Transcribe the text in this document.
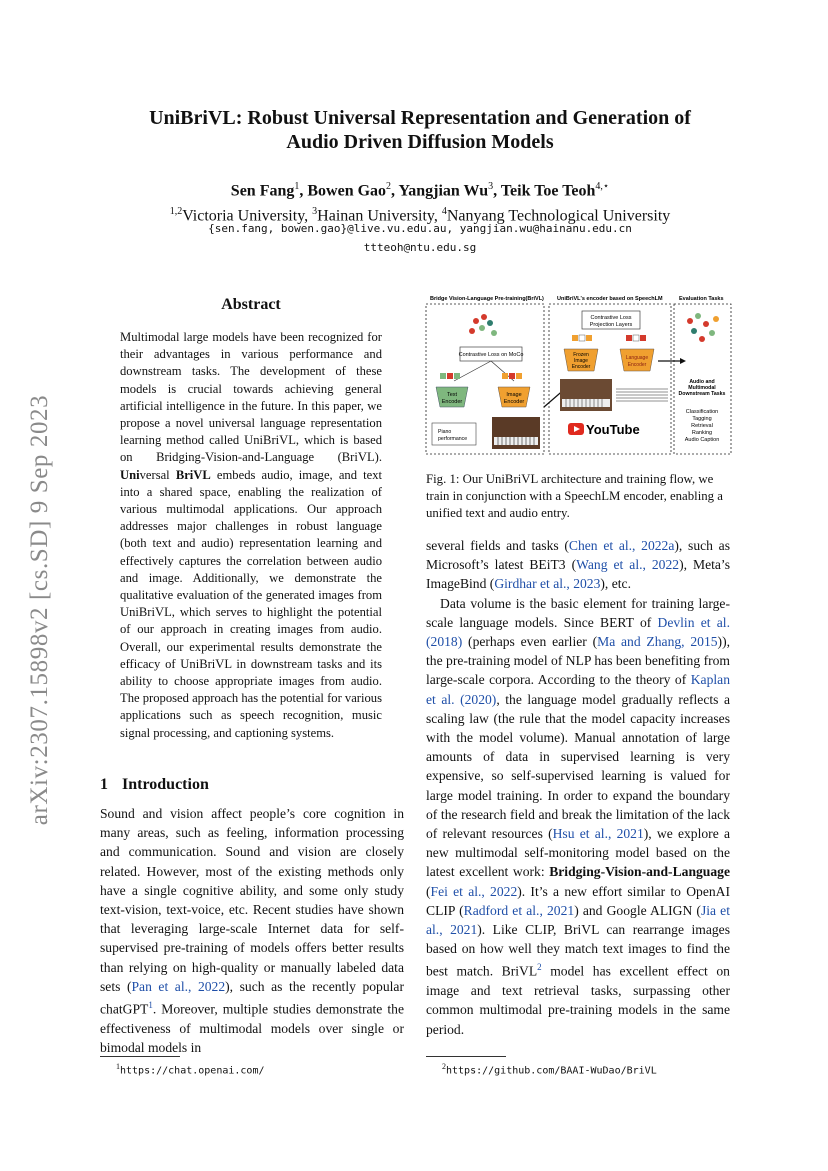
arXiv:2307.15898v2 [cs.SD] 9 Sep 2023
UniBriVL: Robust Universal Representation and Generation of
Audio Driven Diffusion Models
Sen Fang$^1$, Bowen Gao$^2$, Yangjian Wu$^3$, Teik Toe Teoh$^{4,⋆}$
$^{1,2}$Victoria University, $^3$Hainan University, $^4$Nanyang Technological University
{sen.fang, bowen.gao}@live.vu.edu.au, yangjian.wu@hainanu.edu.cn
ttteoh@ntu.edu.sg
Abstract
Multimodal large models have been recognized for their advantages in various performance and downstream tasks. The development of these models is crucial towards achieving general artificial intelligence in the future. In this paper, we propose a novel universal language representation learning method called UniBriVL, which is based on Bridging-Vision-and-Language (BriVL). Universal BriVL embeds audio, image, and text into a shared space, enabling the realization of various multimodal applications. Our approach addresses major challenges in robust language (both text and audio) representation learning and effectively captures the correlation between audio and image. Additionally, we demonstrate the qualitative evaluation of the generated images from UniBriVL, which serves to highlight the potential of our approach in creating images from audio. Overall, our experimental results demonstrate the efficacy of UniBriVL in downstream tasks and its ability to choose appropriate images from audio. The proposed approach has the potential for various applications such as speech recognition, music signal processing, and captioning systems.
1 Introduction
Sound and vision affect people’s core cognition in many areas, such as feeling, information processing and communication. Sound and vision are closely related. However, most of the existing methods only have a single cognitive ability, and some only study text-vision, text-voice, etc. Recent studies have shown that leveraging large-scale Internet data for self-supervised pre-training of models offers better results than relying on high-quality or manually labeled data sets (Pan et al., 2022), such as the recently popular chatGPT$^1$. Moreover, multiple studies demonstrate the effectiveness of multimodal models over single or bimodal models in
$^1$https://chat.openai.com/
Bridge Vision-Language Pre-training(BriVL) UniBriVL's encoder based on SpeechLM	Evaluation Tasks
Contrastive Loss on MoCo
Text
Encoder
Image
Encoder
Piano
performance
Contrastive Loss
Projection Layers
Frozen
Image
Encoder
Language
Encoder
YouTube
Audio and
Multimodal
Downstream Tasks
Classification
Tagging
Retrieval
Ranking
Audio Caption
Fig. 1: Our UniBriVL architecture and training flow, we train in conjunction with a SpeechLM encoder, enabling a unified text and audio entry.

several fields and tasks (Chen et al., 2022a), such as Microsoft’s latest BEiT3 (Wang et al., 2022), Meta’s ImageBind (Girdhar et al., 2023), etc.

Data volume is the basic element for training large-scale language models. Since BERT of Devlin et al. (2018) (perhaps even earlier (Ma and Zhang, 2015)), the pre-training model of NLP has been benefiting from large-scale corpora. According to the theory of Kaplan et al. (2020), the language model gradually reflects a scaling law (the rule that the model capacity increases with the model volume). Manual annotation of large amounts of data in supervised learning is very expensive, so self-supervised learning is valued for large model training. In order to expand the boundary of the research field and break the limitation of the lack of relevant resources (Hsu et al., 2021), we explore a new multimodal self-monitoring model based on the latest excellent work: Bridging-Vision-and-Language (Fei et al., 2022). It’s a new effort similar to OpenAI CLIP (Radford et al., 2021) and Google ALIGN (Jia et al., 2021). Like CLIP, BriVL can rearrange images based on how well they match text images to find the best match. BriVL$^2$ model has excellent effect on image and text retrieval tasks, surpassing other common multimodal pre-training models in the same period.

$^2$https://github.com/BAAI-WuDao/BriVL
